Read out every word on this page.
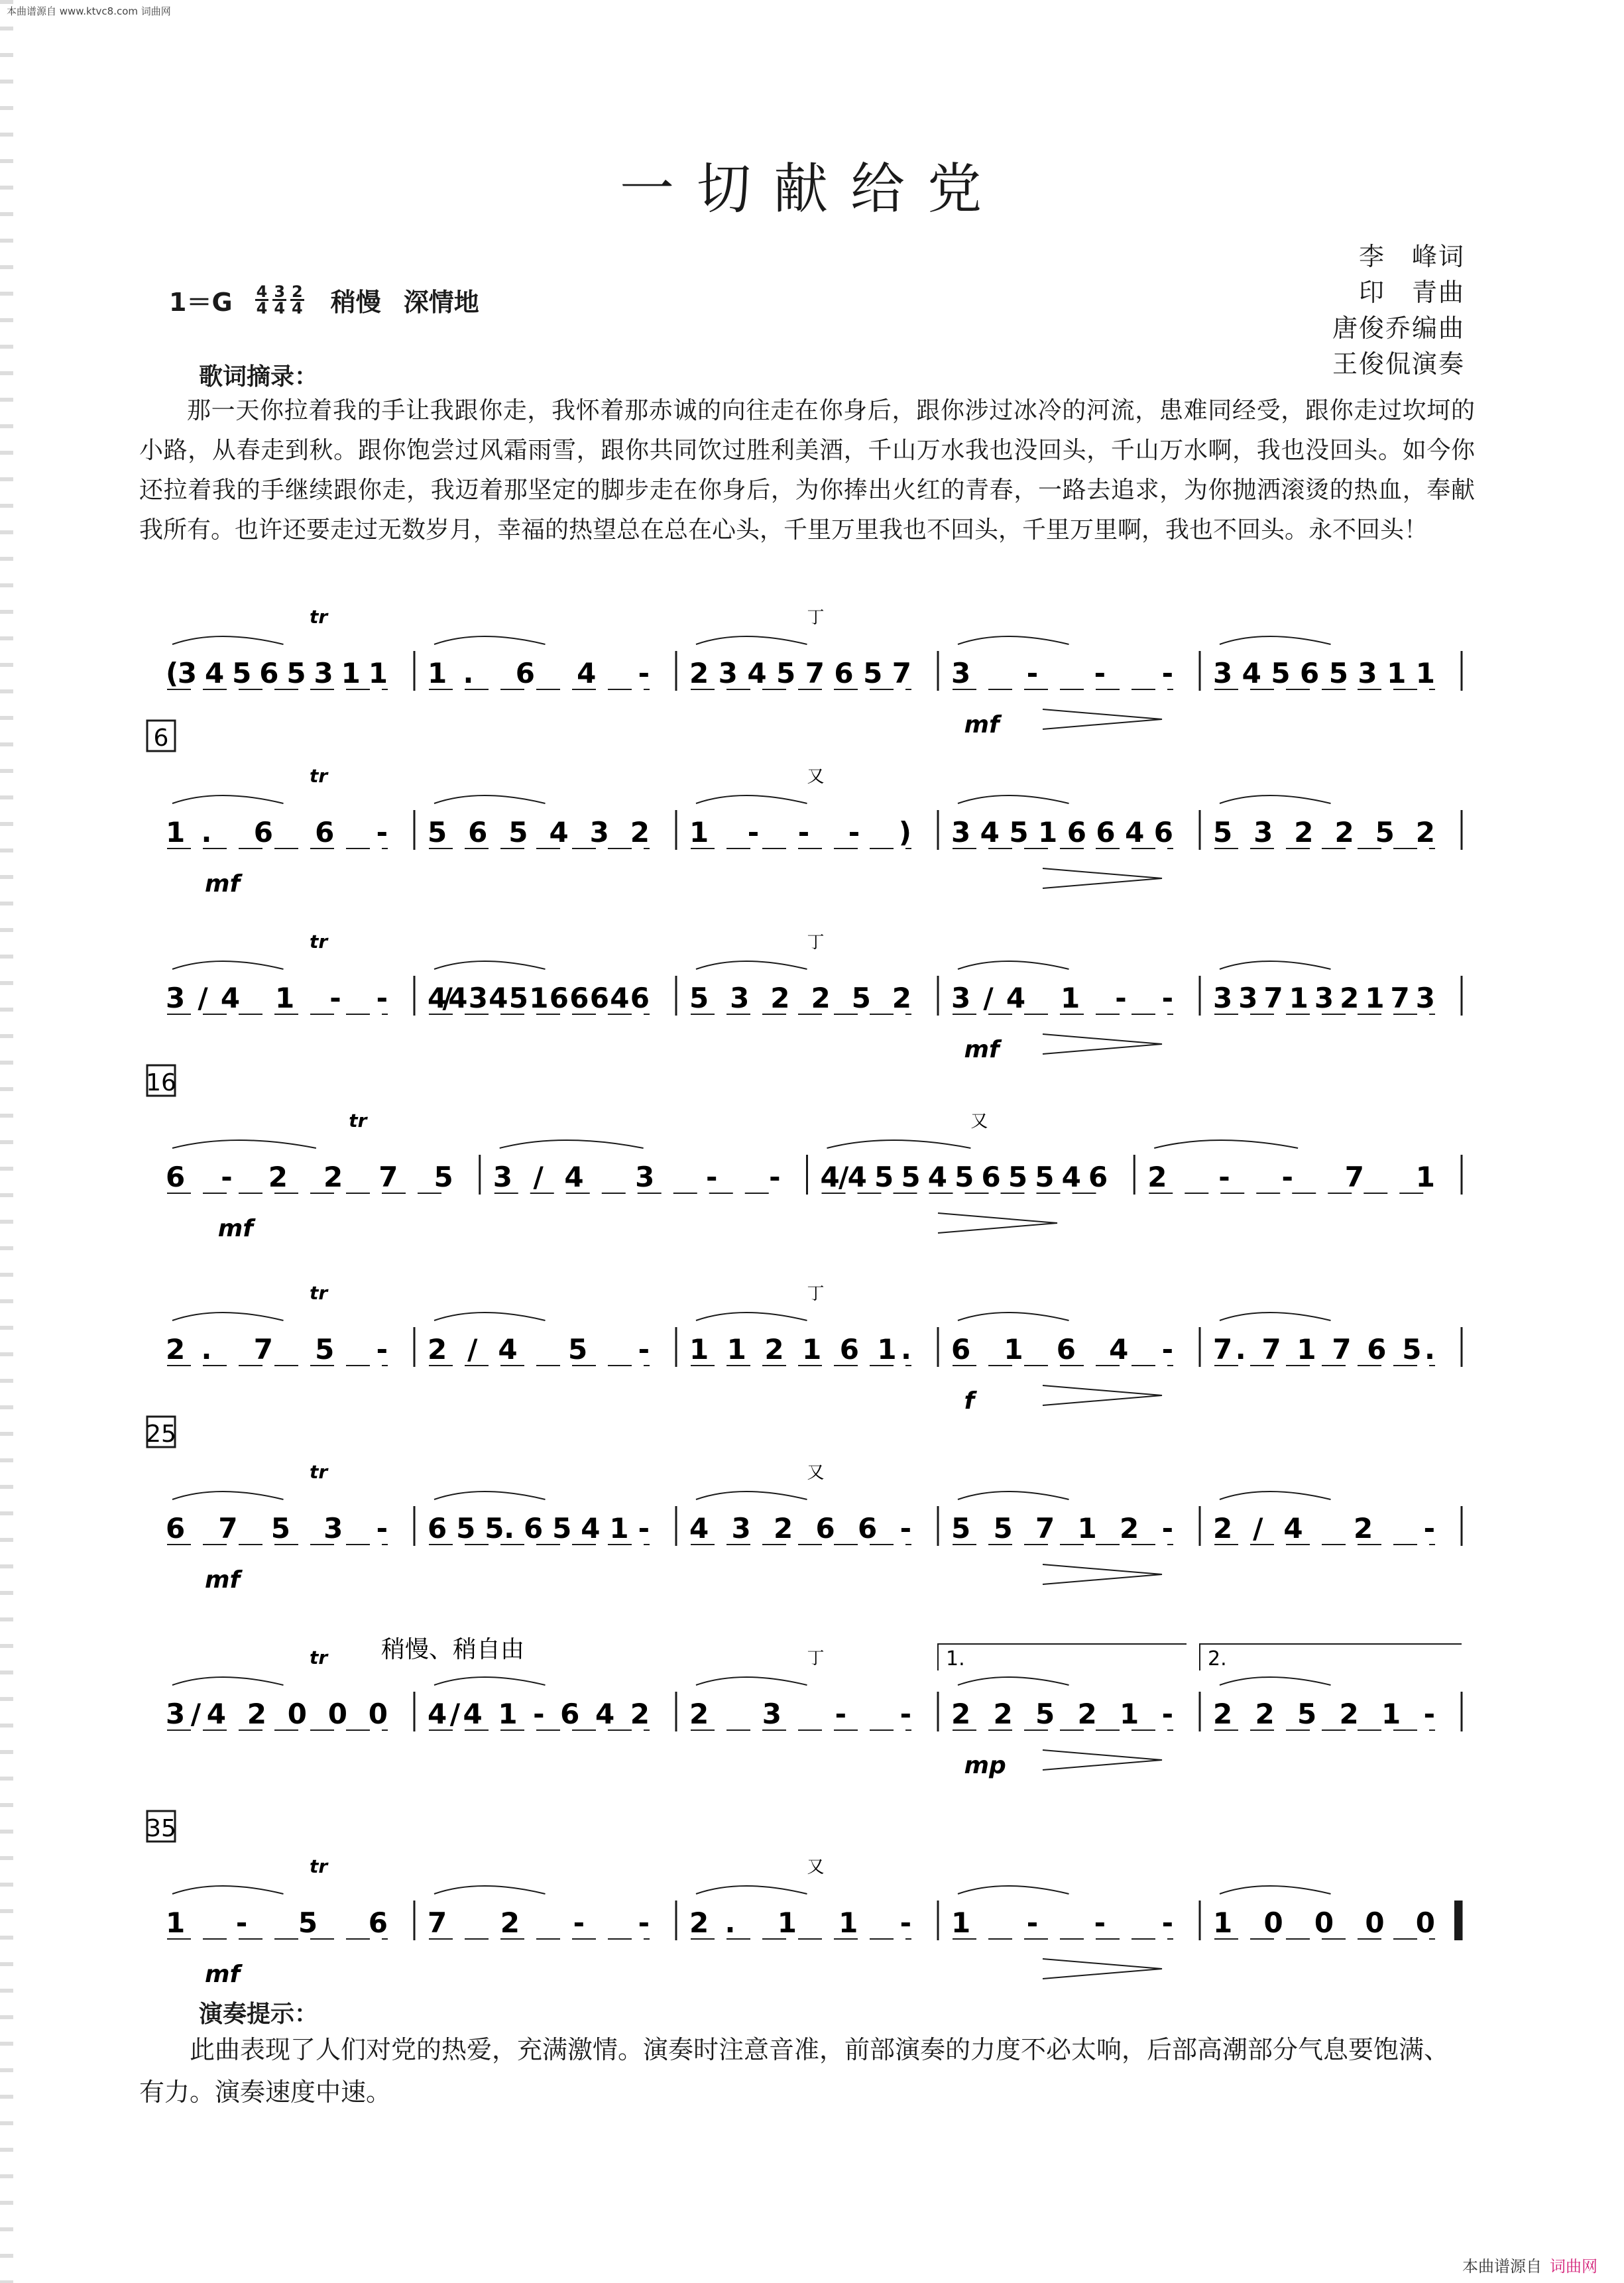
本曲谱源自 www.ktvc8.com 词曲网
一切献给党
李　峰词
印　青曲
唐俊乔编曲
王俊侃演奏
1＝G 4
4
3
4
2
4 稍慢 深情地
歌词摘录：
那一天你拉着我的手让我跟你走，我怀着那赤诚的向往走在你身后，跟你涉过冰冷的河流，患难同经受，跟你走过坎坷的小路，从春走到秋。跟你饱尝过风霜雨雪，跟你共同饮过胜利美酒，千山万水我也没回头，千山万水啊，我也没回头。如今你还拉着我的手继续跟你走，我迈着那坚定的脚步走在你身后，为你捧出火红的青春，一路去追求，为你抛洒滚烫的热血，奉献我所有。也许还要走过无数岁月，幸福的热望总在总在心头，千里万里我也不回头，千里万里啊，我也不回头。永不回头！
6
16
25
35
(3 4 5 6 5 3 1 1 1. 6 4 - 2 3 4 5 7 6 5 7 3 - - - 3 4 5 6 5 3 1 1
tr	丁
mf
1. 6 6 - 5 6 5 4 3 2 1 - - - ) 3 4 5 1 6 6 4 6 5 3 2 2 5 2
tr	又
mf
3/4 1 - - 4/4 3 4 5 1 6 6 6 4 6 5 3 2 2 5 2 3/4 1 - - 3 3 7 1 3 2 1 7 3
tr	丁
mf
6 - 2 2 7 5 3/4 3 - - 4/4 5 5 4 5 6 5 5 4 6 2 - - 7 1
tr	又
mf
2. 7 5 - 2/4 5 - 1 1 2 1 6 1. 6 1 6 4 - 7. 7 1 7 6 5.
tr	丁
f
6 7 5 3 - 6 5 5. 6 5 4 1 - 4 3 2 6 6 - 5 5 7 1 2 - 2/4 2 -
tr	又
mf
3/4 2 0 0 0 4/4 1 - 6 4 2 2 3 - - 2 2 5 2 1 - 2 2 5 2 1 -
tr	丁
mp
1 - 5 6 7 2 - - 2. 1 1 - 1 - - - 1 0 0 0 0
tr	又
mf
稍慢、稍自由	1.	2.
演奏提示：
此曲表现了人们对党的热爱，充满激情。演奏时注意音准，前部演奏的力度不必太响，后部高潮部分气息要饱满、有力。演奏速度中速。
本曲谱源自 词曲网
